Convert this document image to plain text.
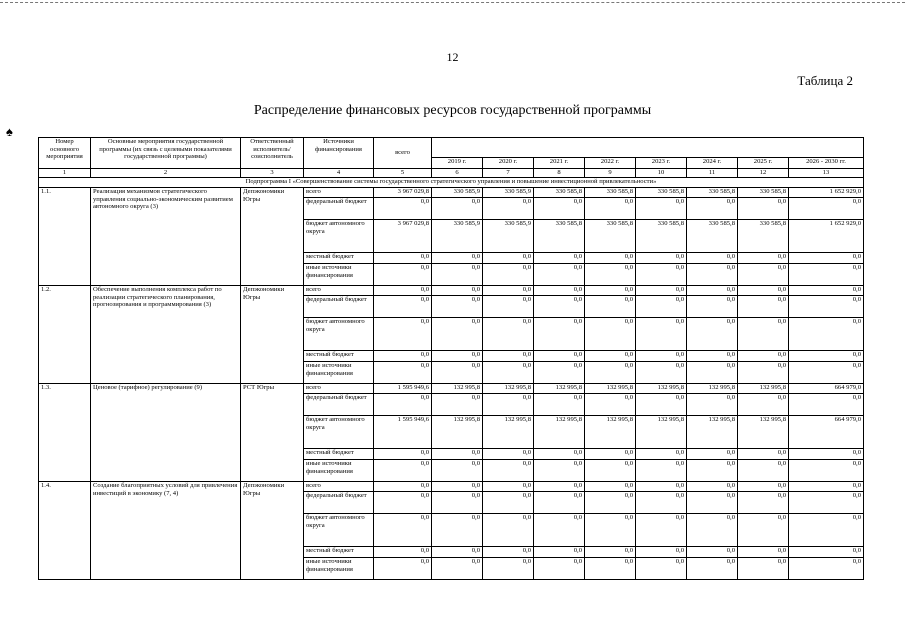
12
Таблица 2
Распределение финансовых ресурсов государственной программы
♠
Номер основного мероприятия	Основные мероприятия государственной программы (их связь с целевыми показателями государственной программы)	Ответственный исполнитель/ соисполнитель	Источники финансирования	всего								
					2019 г.	2020 г.	2021 г.	2022 г.	2023 г.	2024 г.	2025 г.	2026 - 2030 гг.
1	2	3	4	5	6	7	8	9	10	11	12	13
Подпрограмма I «Совершенствование системы государственного стратегического управления и повышение инвестиционной привлекательности»												
1.1.	Реализация механизмов стратегического управления социально-экономическим развитием автономного округа (3)	Депэкономики Югры	всего	3 967 029,8	330 585,9	330 585,9	330 585,8	330 585,8	330 585,8	330 585,8	330 585,8	1 652 929,0
			федеральный бюджет	0,0	0,0	0,0	0,0	0,0	0,0	0,0	0,0	0,0
			бюджет автономного округа	3 967 029,8	330 585,9	330 585,9	330 585,8	330 585,8	330 585,8	330 585,8	330 585,8	1 652 929,0
			местный бюджет	0,0	0,0	0,0	0,0	0,0	0,0	0,0	0,0	0,0
			иные источники финансирования	0,0	0,0	0,0	0,0	0,0	0,0	0,0	0,0	0,0
1.2.	Обеспечение выполнения комплекса работ по реализации стратегического планирования, прогнозирования и программирования (3)	Депэкономики Югры	всего	0,0	0,0	0,0	0,0	0,0	0,0	0,0	0,0	0,0
			федеральный бюджет	0,0	0,0	0,0	0,0	0,0	0,0	0,0	0,0	0,0
			бюджет автономного округа	0,0	0,0	0,0	0,0	0,0	0,0	0,0	0,0	0,0
			местный бюджет	0,0	0,0	0,0	0,0	0,0	0,0	0,0	0,0	0,0
			иные источники финансирования	0,0	0,0	0,0	0,0	0,0	0,0	0,0	0,0	0,0
1.3.	Ценовое (тарифное) регулирование (9)	РСТ Югры	всего	1 595 949,6	132 995,8	132 995,8	132 995,8	132 995,8	132 995,8	132 995,8	132 995,8	664 979,0
			федеральный бюджет	0,0	0,0	0,0	0,0	0,0	0,0	0,0	0,0	0,0
			бюджет автономного округа	1 595 949,6	132 995,8	132 995,8	132 995,8	132 995,8	132 995,8	132 995,8	132 995,8	664 979,0
			местный бюджет	0,0	0,0	0,0	0,0	0,0	0,0	0,0	0,0	0,0
			иные источники финансирования	0,0	0,0	0,0	0,0	0,0	0,0	0,0	0,0	0,0
1.4.	Создание благоприятных условий для привлечения инвестиций в экономику (7, 4)	Депэкономики Югры	всего	0,0	0,0	0,0	0,0	0,0	0,0	0,0	0,0	0,0
			федеральный бюджет	0,0	0,0	0,0	0,0	0,0	0,0	0,0	0,0	0,0
			бюджет автономного округа	0,0	0,0	0,0	0,0	0,0	0,0	0,0	0,0	0,0
			местный бюджет	0,0	0,0	0,0	0,0	0,0	0,0	0,0	0,0	0,0
			иные источники финансирования	0,0	0,0	0,0	0,0	0,0	0,0	0,0	0,0	0,0
